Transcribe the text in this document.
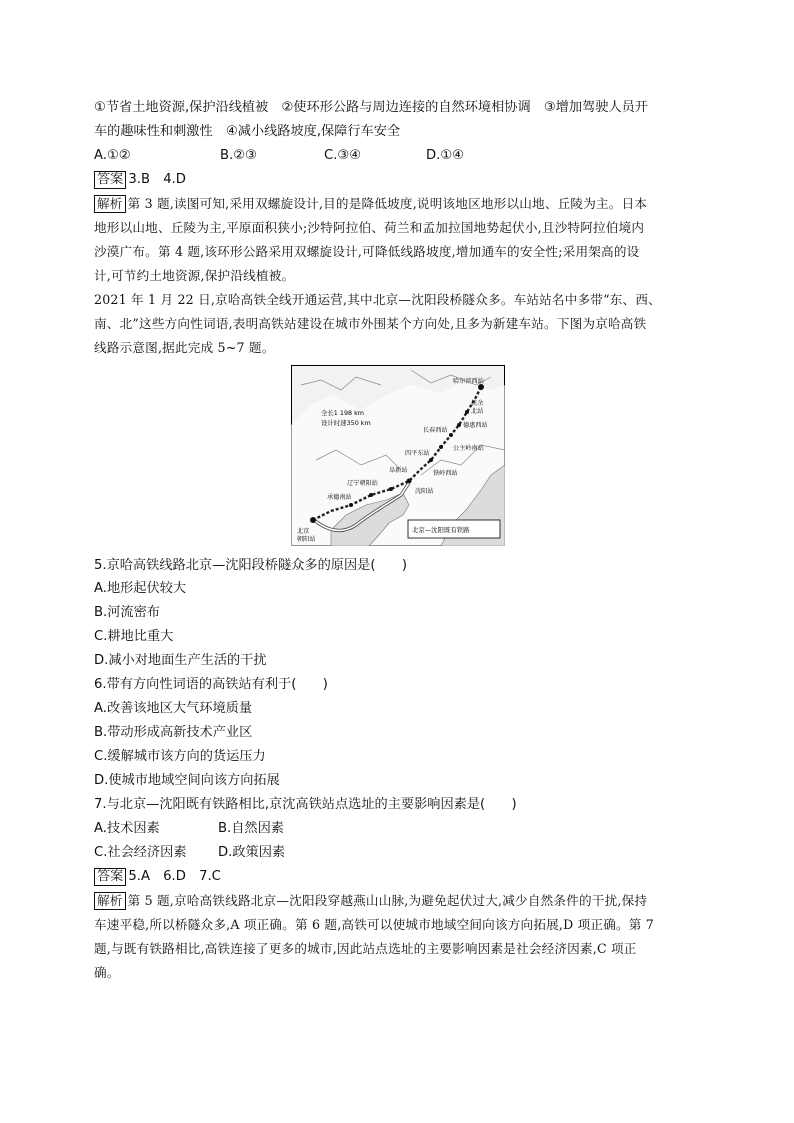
①节省土地资源,保护沿线植被　②使环形公路与周边连接的自然环境相协调　③增加驾驶人员开
车的趣味性和刺激性　④减小线路坡度,保障行车安全
A.①②	B.②③	C.③④	D.①④
答案 3.B　4.D
解析 第 3 题,读图可知,采用双螺旋设计,目的是降低坡度,说明该地区地形以山地、丘陵为主。日本
地形以山地、丘陵为主,平原面积狭小;沙特阿拉伯、荷兰和孟加拉国地势起伏小,且沙特阿拉伯境内
沙漠广布。第 4 题,该环形公路采用双螺旋设计,可降低线路坡度,增加通车的安全性;采用架高的设
计,可节约土地资源,保护沿线植被。
2021 年 1 月 22 日,京哈高铁全线开通运营,其中北京—沈阳段桥隧众多。车站站名中多带“东、西、
南、北”这些方向性词语,表明高铁站建设在城市外围某个方向处,且多为新建车站。下图为京哈高铁
线路示意图,据此完成 5~7 题。
全长1 198 km
设计时速350 km
哈尔滨西站
扶余
北站
德惠西站
长春西站
公主岭南站
四平东站
铁岭西站
阜新站
沈阳站
辽宁朝阳站
承德南站
北京
朝阳站
北京—沈阳既有铁路
5.京哈高铁线路北京—沈阳段桥隧众多的原因是(　　)
A.地形起伏较大
B.河流密布
C.耕地比重大
D.减小对地面生产生活的干扰
6.带有方向性词语的高铁站有利于(　　)
A.改善该地区大气环境质量
B.带动形成高新技术产业区
C.缓解城市该方向的货运压力
D.使城市地域空间向该方向拓展
7.与北京—沈阳既有铁路相比,京沈高铁站点选址的主要影响因素是(　　)
A.技术因素	B.自然因素
C.社会经济因素 D.政策因素
答案 5.A　6.D　7.C
解析 第 5 题,京哈高铁线路北京—沈阳段穿越燕山山脉,为避免起伏过大,减少自然条件的干扰,保持
车速平稳,所以桥隧众多,A 项正确。第 6 题,高铁可以使城市地域空间向该方向拓展,D 项正确。第 7
题,与既有铁路相比,高铁连接了更多的城市,因此站点选址的主要影响因素是社会经济因素,C 项正
确。
